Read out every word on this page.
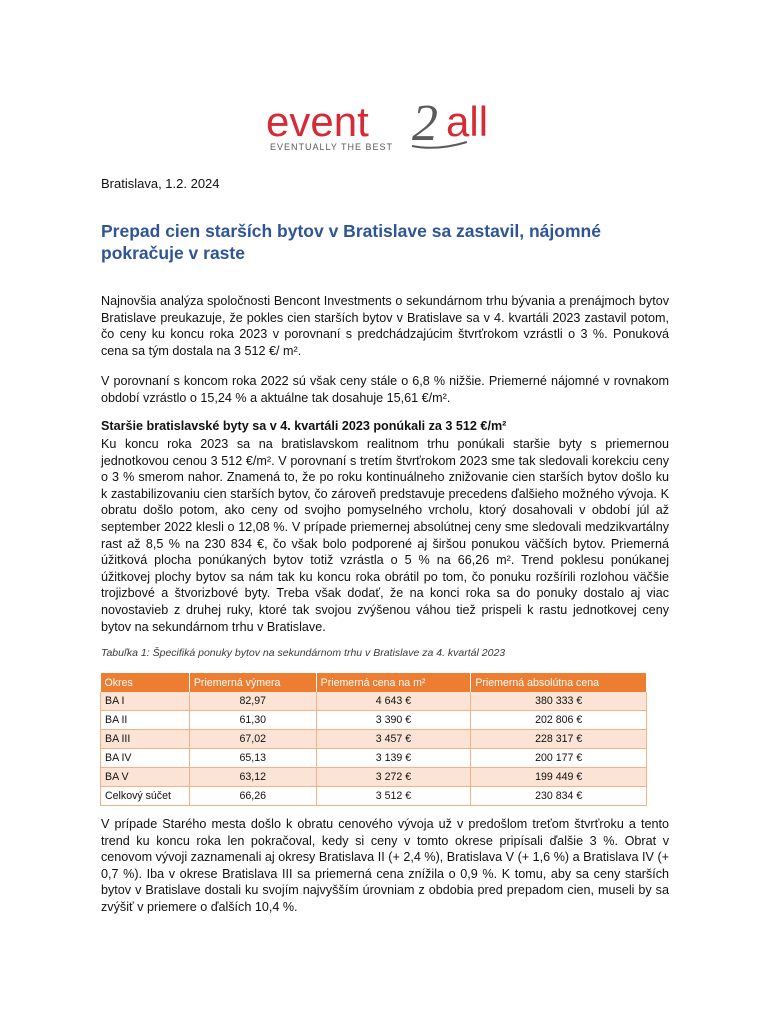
event 2 all
EVENTUALLY THE BEST
Bratislava, 1.2. 2024
Prepad cien starších bytov v Bratislave sa zastavil, nájomné pokračuje v raste

Najnovšia analýza spoločnosti Bencont Investments o sekundárnom trhu bývania a prenájmoch bytov Bratislave preukazuje, že pokles cien starších bytov v Bratislave sa v 4. kvartáli 2023 zastavil potom, čo ceny ku koncu roka 2023 v porovnaní s predchádzajúcim štvrťrokom vzrástli o 3 %. Ponuková cena sa tým dostala na 3 512 €/ m².

V porovnaní s koncom roka 2022 sú však ceny stále o 6,8 % nižšie. Priemerné nájomné v rovnakom období vzrástlo o 15,24 % a aktuálne tak dosahuje 15,61 €/m².

Staršie bratislavské byty sa v 4. kvartáli 2023 ponúkali za 3 512 €/m²

Ku koncu roka 2023 sa na bratislavskom realitnom trhu ponúkali staršie byty s priemernou jednotkovou cenou 3 512 €/m². V porovnaní s tretím štvrťrokom 2023 sme tak sledovali korekciu ceny o 3 % smerom nahor. Znamená to, že po roku kontinuálneho znižovanie cien starších bytov došlo ku k zastabilizovaniu cien starších bytov, čo zároveň predstavuje precedens ďalšieho možného vývoja. K obratu došlo potom, ako ceny od svojho pomyselného vrcholu, ktorý dosahovali v období júl až september 2022 klesli o 12,08 %. V prípade priemernej absolútnej ceny sme sledovali medzikvartálny rast až 8,5 % na 230 834 €, čo však bolo podporené aj širšou ponukou väčších bytov. Priemerná úžitková plocha ponúkaných bytov totiž vzrástla o 5 % na 66,26 m². Trend poklesu ponúkanej úžitkovej plochy bytov sa nám tak ku koncu roka obrátil po tom, čo ponuku rozšírili rozlohou väčšie trojizbové a štvorizbové byty. Treba však dodať, že na konci roka sa do ponuky dostalo aj viac novostavieb z druhej ruky, ktoré tak svojou zvýšenou váhou tiež prispeli k rastu jednotkovej ceny bytov na sekundárnom trhu v Bratislave.

Tabuľka 1: Špecifiká ponuky bytov na sekundárnom trhu v Bratislave za 4. kvartál 2023
Okres	Priemerná výmera	Priemerná cena na m²	Priemerná absolútna cena
BA I	82,97	4 643 €	380 333 €
BA II	61,30	3 390 €	202 806 €
BA III	67,02	3 457 €	228 317 €
BA IV	65,13	3 139 €	200 177 €
BA V	63,12	3 272 €	199 449 €
Celkový súčet	66,26	3 512 €	230 834 €

V prípade Starého mesta došlo k obratu cenového vývoja už v predošlom treťom štvrťroku a tento trend ku koncu roka len pokračoval, kedy si ceny v tomto okrese pripísali ďalšie 3 %. Obrat v cenovom vývoji zaznamenali aj okresy Bratislava II (+ 2,4 %), Bratislava V (+ 1,6 %) a Bratislava IV (+ 0,7 %). Iba v okrese Bratislava III sa priemerná cena znížila o 0,9 %. K tomu, aby sa ceny starších bytov v Bratislave dostali ku svojím najvyšším úrovniam z obdobia pred prepadom cien, museli by sa zvýšiť v priemere o ďalších 10,4 %.
